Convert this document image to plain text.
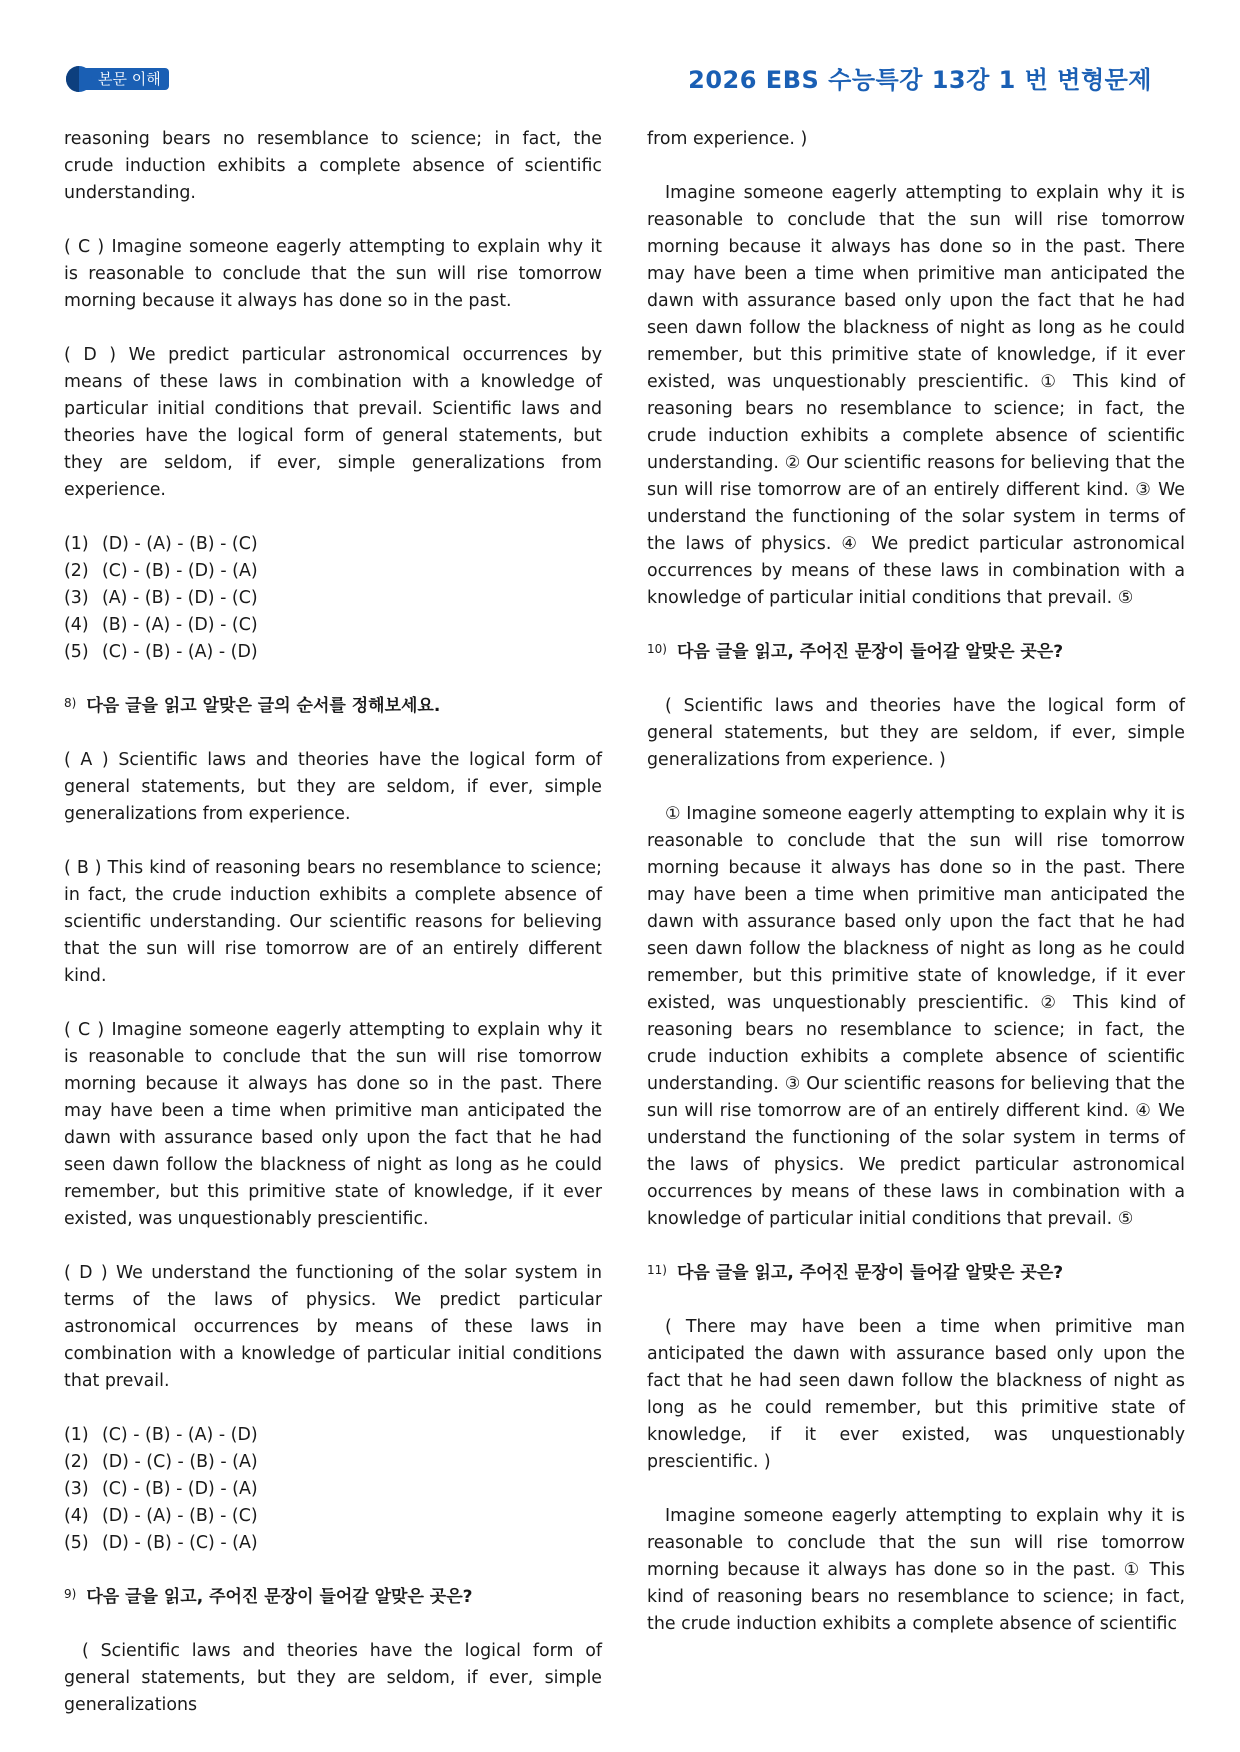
본문 이해	2026 EBS 수능특강 13강 1 번 변형문제

reasoning bears no resemblance to science; in fact, the crude induction exhibits a complete absence of scientific understanding.

( C ) Imagine someone eagerly attempting to explain why it is reasonable to conclude that the sun will rise tomorrow morning because it always has done so in the past.

( D ) We predict particular astronomical occurrences by means of these laws in combination with a knowledge of particular initial conditions that prevail. Scientific laws and theories have the logical form of general statements, but they are seldom, if ever, simple generalizations from experience.

(1) (D) - (A) - (B) - (C)
(2) (C) - (B) - (D) - (A)
(3) (A) - (B) - (D) - (C)
(4) (B) - (A) - (D) - (C)
(5) (C) - (B) - (A) - (D)
$^{8)}$ 다음 글을 읽고 알맞은 글의 순서를 정해보세요.

( A ) Scientific laws and theories have the logical form of general statements, but they are seldom, if ever, simple generalizations from experience.

( B ) This kind of reasoning bears no resemblance to science; in fact, the crude induction exhibits a complete absence of scientific understanding. Our scientific reasons for believing that the sun will rise tomorrow are of an entirely different kind.

( C ) Imagine someone eagerly attempting to explain why it is reasonable to conclude that the sun will rise tomorrow morning because it always has done so in the past. There may have been a time when primitive man anticipated the dawn with assurance based only upon the fact that he had seen dawn follow the blackness of night as long as he could remember, but this primitive state of knowledge, if it ever existed, was unquestionably prescientific.

( D ) We understand the functioning of the solar system in terms of the laws of physics. We predict particular astronomical occurrences by means of these laws in combination with a knowledge of particular initial conditions that prevail.

(1) (C) - (B) - (A) - (D)
(2) (D) - (C) - (B) - (A)
(3) (C) - (B) - (D) - (A)
(4) (D) - (A) - (B) - (C)
(5) (D) - (B) - (C) - (A)
$^{9)}$ 다음 글을 읽고, 주어진 문장이 들어갈 알맞은 곳은?

( Scientific laws and theories have the logical form of general statements, but they are seldom, if ever, simple generalizations

from experience. )

Imagine someone eagerly attempting to explain why it is reasonable to conclude that the sun will rise tomorrow morning because it always has done so in the past. There may have been a time when primitive man anticipated the dawn with assurance based only upon the fact that he had seen dawn follow the blackness of night as long as he could remember, but this primitive state of knowledge, if it ever existed, was unquestionably prescientific. ① This kind of reasoning bears no resemblance to science; in fact, the crude induction exhibits a complete absence of scientific understanding. ② Our scientific reasons for believing that the sun will rise tomorrow are of an entirely different kind. ③ We understand the functioning of the solar system in terms of the laws of physics. ④ We predict particular astronomical occurrences by means of these laws in combination with a knowledge of particular initial conditions that prevail. ⑤

$^{10)}$ 다음 글을 읽고, 주어진 문장이 들어갈 알맞은 곳은?

( Scientific laws and theories have the logical form of general statements, but they are seldom, if ever, simple generalizations from experience. )

① Imagine someone eagerly attempting to explain why it is reasonable to conclude that the sun will rise tomorrow morning because it always has done so in the past. There may have been a time when primitive man anticipated the dawn with assurance based only upon the fact that he had seen dawn follow the blackness of night as long as he could remember, but this primitive state of knowledge, if it ever existed, was unquestionably prescientific. ② This kind of reasoning bears no resemblance to science; in fact, the crude induction exhibits a complete absence of scientific understanding. ③ Our scientific reasons for believing that the sun will rise tomorrow are of an entirely different kind. ④ We understand the functioning of the solar system in terms of the laws of physics. We predict particular astronomical occurrences by means of these laws in combination with a knowledge of particular initial conditions that prevail. ⑤

$^{11)}$ 다음 글을 읽고, 주어진 문장이 들어갈 알맞은 곳은?

( There may have been a time when primitive man anticipated the dawn with assurance based only upon the fact that he had seen dawn follow the blackness of night as long as he could remember, but this primitive state of knowledge, if it ever existed, was unquestionably prescientific. )

Imagine someone eagerly attempting to explain why it is reasonable to conclude that the sun will rise tomorrow morning because it always has done so in the past. ① This kind of reasoning bears no resemblance to science; in fact, the crude induction exhibits a complete absence of scientific
